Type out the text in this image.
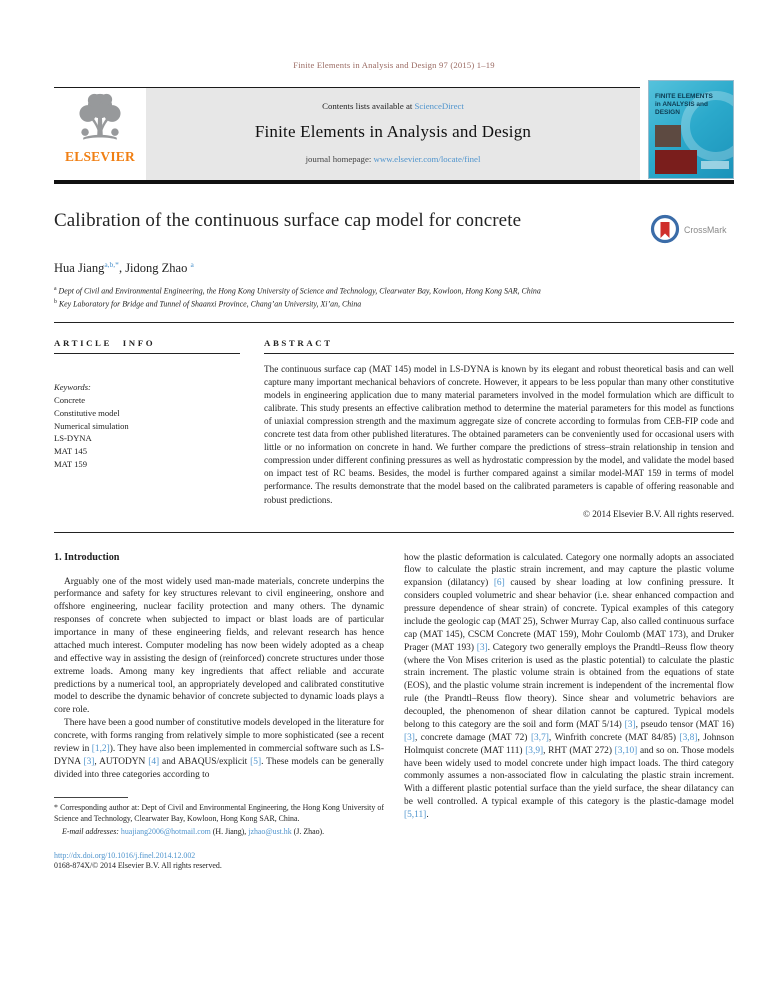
Finite Elements in Analysis and Design 97 (2015) 1–19
ELSEVIER
Contents lists available at ScienceDirect
Finite Elements in Analysis and Design
journal homepage: www.elsevier.com/locate/finel
FINITE ELEMENTS
in ANALYSIS and
DESIGN
Calibration of the continuous surface cap model for concrete	CrossMark
Hua Jiang$^{a,b,*}$, Jidong Zhao $^a$
$^a$ Dept of Civil and Environmental Engineering, the Hong Kong University of Science and Technology, Clearwater Bay, Kowloon, Hong Kong SAR, China
$^b$ Key Laboratory for Bridge and Tunnel of Shaanxi Province, Chang’an University, Xi’an, China
ARTICLE INFO
Keywords:
Concrete
Constitutive model
Numerical simulation
LS-DYNA
MAT 145
MAT 159
ABSTRACT
The continuous surface cap (MAT 145) model in LS-DYNA is known by its elegant and robust theoretical basis and can well capture many important mechanical behaviors of concrete. However, it appears to be less popular than many other constitutive models in engineering application due to many material parameters involved in the model formulation which are difficult to calibrate. This study presents an effective calibration method to determine the material parameters for this model as functions of uniaxial compression strength and the maximum aggregate size of concrete according to formulas from CEB-FIP code and concrete test data from other published literatures. The obtained parameters can be conveniently used for occasional users with little or no information on concrete in hand. We further compare the predictions of stress–strain relationship in tension and compression under different confining pressures as well as hydrostatic compression by the model, and validate the model based on impact test of RC beams. Besides, the model is further compared against a similar model-MAT 159 in terms of model performance. The results demonstrate that the model based on the calibrated parameters is capable of offering reasonable and robust predictions.
© 2014 Elsevier B.V. All rights reserved.
1. Introduction

Arguably one of the most widely used man-made materials, concrete underpins the performance and safety for key structures relevant to civil engineering, onshore and offshore engineering, nuclear facility protection and many others. The dynamic responses of concrete when subjected to impact or blast loads are of particular importance in many of these engineering fields, and relevant research has hence attached much interest. Computer modeling has now been widely adopted as a cheap and effective way in assisting the design of (reinforced) concrete structures under those extreme loads. Among many key ingredients that affect reliable and accurate predictions by a numerical tool, an appropriately developed and calibrated constitutive model to describe the dynamic behavior of concrete subjected to dynamic loads plays a core role.

There have been a good number of constitutive models developed in the literature for concrete, with forms ranging from relatively simple to more sophisticated (see a recent review in [1,2]). They have also been implemented in commercial software such as LS-DYNA [3], AUTODYN [4] and ABAQUS/explicit [5]. These models can be generally divided into three categories according to

* Corresponding author at: Dept of Civil and Environmental Engineering, the Hong Kong University of Science and Technology, Clearwater Bay, Kowloon, Hong Kong SAR, China.
E-mail addresses: huajiang2006@hotmail.com (H. Jiang), jzhao@ust.hk (J. Zhao).
http://dx.doi.org/10.1016/j.finel.2014.12.002
0168-874X/© 2014 Elsevier B.V. All rights reserved.

how the plastic deformation is calculated. Category one normally adopts an associated flow to calculate the plastic strain increment, and may capture the plastic volume expansion (dilatancy) [6] caused by shear loading at low confining pressure. It considers coupled volumetric and shear behavior (i.e. shear enhanced compaction and pressure dependence of shear strain) of concrete. Typical examples of this category include the geologic cap (MAT 25), Schwer Murray Cap, also called continuous surface cap (MAT 145), CSCM Concrete (MAT 159), Mohr Coulomb (MAT 173), and Druker Prager (MAT 193) [3]. Category two generally employs the Prandtl–Reuss flow theory (where the Von Mises criterion is used as the plastic potential) to calculate the plastic strain increment. The plastic volume strain is obtained from the equations of state (EOS), and the plastic volume strain increment is independent of the incremental flow rule (the Prandtl–Reuss flow theory). Since shear and volumetric behaviors are decoupled, the phenomenon of shear dilation cannot be captured. Typical models belong to this category are the soil and form (MAT 5/14) [3], pseudo tensor (MAT 16) [3], concrete damage (MAT 72) [3,7], Winfrith concrete (MAT 84/85) [3,8], Johnson Holmquist concrete (MAT 111) [3,9], RHT (MAT 272) [3,10] and so on. Those models have been widely used to model concrete under high impact loads. The third category commonly assumes a non-associated flow in calculating the plastic strain increment. With a different plastic potential surface than the yield surface, the shear dilatancy can be well controlled. A typical example of this category is the plastic-damage model [5,11].
